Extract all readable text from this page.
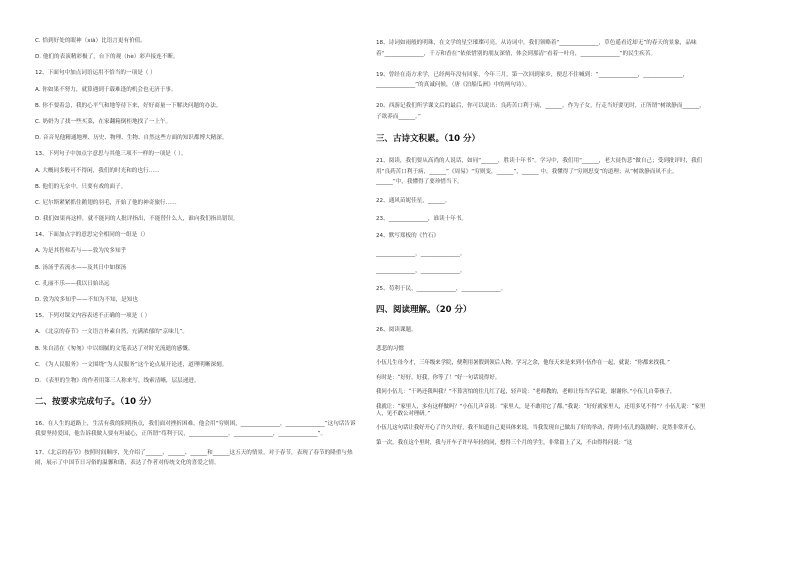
C. 恰到好处的眼神（xià）比语言更有价值。
D. 他们的表演精彩极了，台下的观（hè）彩声接连不断。
12、下面句中加点词语运用不恰当的一项是（ ）
A. 你如果不努力，就算遇到千载难逢的机会也无济于事。
B. 你不要着急，我的心平气和地等待下来，好好商量一下解决问题的办法。
C. 奶奶为了找一些买菜，在家翻箱倒柜地找了一上午。
D. 音音见他精通地理、历史、物理、生物、自然这些方面的知识都博大精深。
13、下列句子中加点字意思与其他三项不一样的一项是（ ）。
A. 大概同多般可不得闲，我们的时光和的也行……
B. 他们的无奈中，只要有戏的面子。
C. 尼尔斯紧紧抓住鹅翅的羽毛，开始了他的神奇旅行……
D. 我们如果再这样，就不能问的人批评指出，不能替什么人，谁向我们指出错误。
14、下面加点字的意思完全相同的一组是（）
A. 为是其智弗若与——敦为汝多知乎
B. 汤汤乎若流水——及其日中如探汤
C. 孔丽不乐——我以日始出远
D. 敦为汝多知乎——不知为不知，是知也
15、下列对课文内容表述不正确的一项是（ ）
A. 《北京的春节》一文语言朴素自然，充满浓郁的“京味儿”。
B. 朱自清在《匆匆》中以细腻的文笔表达了对时光流逝的感慨。
C. 《为人民服务》一文围绕“为人民服务”这个论点展开论述，道理明晰深刻。
D. 《表里的生物》的作者用第三人称来写，线索清晰，层层递进。
二、按要求完成句子。（10 分）
16、在人生的道路上，生活有我的阳明指点，我们面对挫折困难，他会用“穷则困，______________，______________”这句话告诉我要坚持爱国，他告诉我做人要有坦诚心，正所谓“苟利于民，______________，______________，______________”。
17、《北京的春节》按照时间顺序，先介绍了______、______、______和______这五天的情景，对于春节，表现了春节的隆重与热闹，展示了中国节日习俗的温馨和谐，表达了作者对传统文化的喜爱之情。
18、诗词如雨般的明珠，在文学的星空璀璨可亮。从诗词中，我们领略着“______________，草色遥看近却无”的春天的景象，品味着“______________，千万和香在”依依惜别的朋友深情，体会到那清“看着一叶舟，______________”的民生疾苦。
19、曾经在南方求学，已经两年没有回家，今年三月，第一次回到家乡，便忍不住喊到：“______________，______________，______________”的真诚问候，（唐《泊船瓜洲》中的两句诗）。
20、西游记我们所学课文后的最后，你可以说出：良药苦口利于病，______。作为子女，行走当好要见时，正所谓“树欲静而______，子欲养而______。”
三、古诗文积累。（10 分）
21、阅读，我们要从高尚的人说话，如同“______，胜读十年书”。学习中，我们用“______，老大徒伤悲”做自己；受到批评时，我们用“良药苦口利于病，______”《周易》“穷则变，______”，______ 中，我懂得了“穷则思变”的道理；从“树欲静而风不止，______”中，我懂得了要珍惜当下。
22、通风苗妮佳星，______。
23、______________，谁读十年书。
24、默写郑板的《竹石》
______________，______________。
______________，______________。
25、苟利于民，______________，______________。
四、阅读理解。（20 分）
26、阅读课题。
悲悲的习惯
小伍儿生母今才，三年级来学院，便利用暑假到领后人物。学习之余，他每天来是来到小伍作在一起，就说：“你都来找我。”
有时是：“好好，好我，你等了！”好一句话说得好。
我问小伍儿：“干吗还我叫我？”不算害怕的往几红了起，轻声说：“老师教的，老师让每当学后说，谢谢你。”小伍儿自带孩子，
我就让：“家里人，多有这样做吗？”小伍儿声音说：“家里人，是不敢用它了都。”我说：“好好就家里人，还用多见不得”？小伍儿说：“家里人，见不敢公对理研。”
小伍儿这句话让我好开心了许久许好，我不知道自己更具体来说，当我发现自己做出了好的举动，得到小伍儿的鼓励时，竟然非常开心，
第一次，我在这个里时，我与开车子许早年轻的同，想得三个月的学生，非常留上了又，不由得得问说：“这
